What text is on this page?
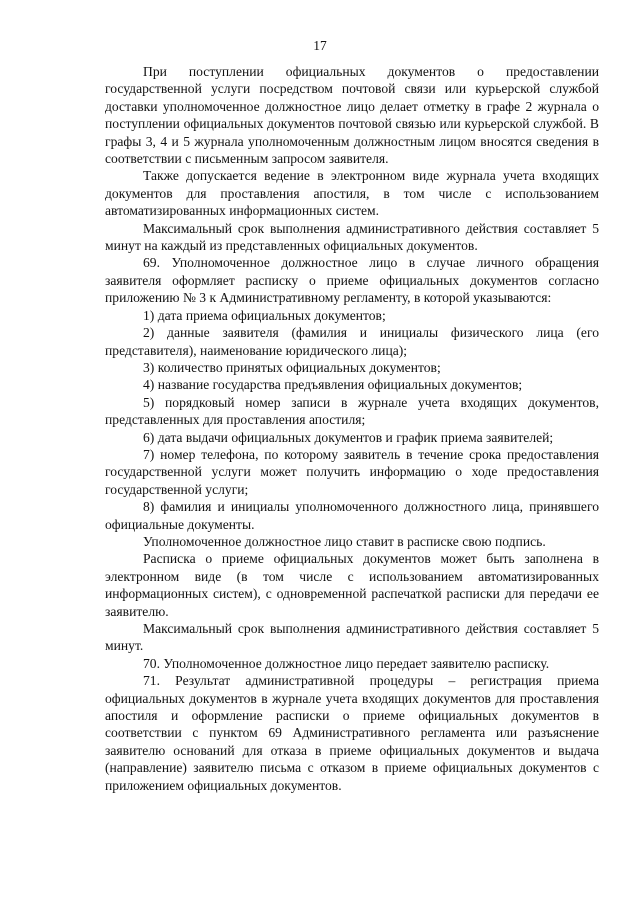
17

При поступлении официальных документов о предоставлении государственной услуги посредством почтовой связи или курьерской службой доставки уполномоченное должностное лицо делает отметку в графе 2 журнала о поступлении официальных документов почтовой связью или курьерской службой. В графы 3, 4 и 5 журнала уполномоченным должностным лицом вносятся сведения в соответствии с письменным запросом заявителя.

Также допускается ведение в электронном виде журнала учета входящих документов для проставления апостиля, в том числе с использованием автоматизированных информационных систем.

Максимальный срок выполнения административного действия составляет 5 минут на каждый из представленных официальных документов.

69. Уполномоченное должностное лицо в случае личного обращения заявителя оформляет расписку о приеме официальных документов согласно приложению № 3 к Административному регламенту, в которой указываются:

1) дата приема официальных документов;

2) данные заявителя (фамилия и инициалы физического лица (его представителя), наименование юридического лица);

3) количество принятых официальных документов;

4) название государства предъявления официальных документов;

5) порядковый номер записи в журнале учета входящих документов, представленных для проставления апостиля;

6) дата выдачи официальных документов и график приема заявителей;

7) номер телефона, по которому заявитель в течение срока предоставления государственной услуги может получить информацию о ходе предоставления государственной услуги;

8) фамилия и инициалы уполномоченного должностного лица, принявшего официальные документы.

Уполномоченное должностное лицо ставит в расписке свою подпись.

Расписка о приеме официальных документов может быть заполнена в электронном виде (в том числе с использованием автоматизированных информационных систем), с одновременной распечаткой расписки для передачи ее заявителю.

Максимальный срок выполнения административного действия составляет 5 минут.

70. Уполномоченное должностное лицо передает заявителю расписку.

71. Результат административной процедуры – регистрация приема официальных документов в журнале учета входящих документов для проставления апостиля и оформление расписки о приеме официальных документов в соответствии с пунктом 69 Административного регламента или разъяснение заявителю оснований для отказа в приеме официальных документов и выдача (направление) заявителю письма с отказом в приеме официальных документов с приложением официальных документов.
